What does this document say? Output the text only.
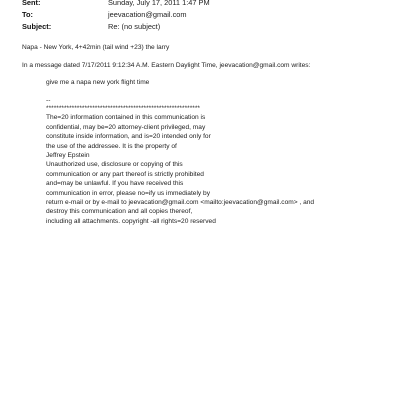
Sent:	Sunday, July 17, 2011 1:47 PM
To:	jeevacation@gmail.com
Subject:	Re: (no subject)
Napa - New York, 4+42min (tail wind +23) the larry
In a message dated 7/17/2011 9:12:34 A.M. Eastern Daylight Time, jeevacation@gmail.com writes:
give me a napa new york flight time
--
************************************************************
The=20 information contained in this communication is
confidential, may be=20 attorney-client privileged, may
constitute inside information, and is=20 intended only for
the use of the addressee. It is the property of
Jeffrey Epstein
Unauthorized use, disclosure or copying of this
communication or any part thereof is strictly prohibited
and=may be unlawful. If you have received this
communication in error, please no=ify us immediately by
return e-mail or by e-mail to jeevacation@gmail.com <mailto:jeevacation@gmail.com> , and
destroy this communication and all copies thereof,
including all attachments. copyright -all rights=20 reserved
